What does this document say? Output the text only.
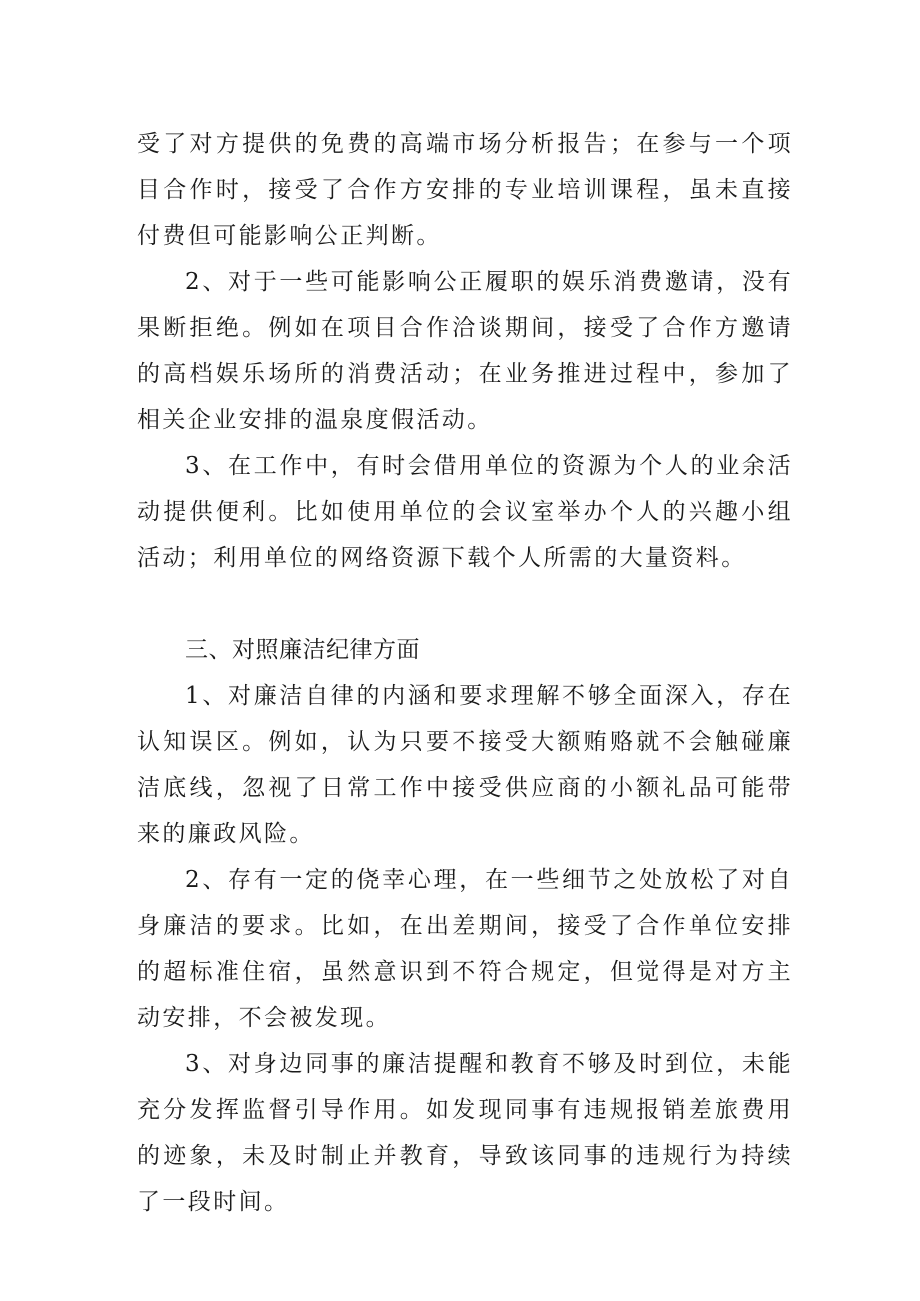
受了对方提供的免费的高端市场分析报告；在参与一个项目合作时，接受了合作方安排的专业培训课程，虽未直接付费但可能影响公正判断。

2、对于一些可能影响公正履职的娱乐消费邀请，没有果断拒绝。例如在项目合作洽谈期间，接受了合作方邀请的高档娱乐场所的消费活动；在业务推进过程中，参加了相关企业安排的温泉度假活动。

3、在工作中，有时会借用单位的资源为个人的业余活动提供便利。比如使用单位的会议室举办个人的兴趣小组活动；利用单位的网络资源下载个人所需的大量资料。

三、对照廉洁纪律方面

1、对廉洁自律的内涵和要求理解不够全面深入，存在认知误区。例如，认为只要不接受大额贿赂就不会触碰廉洁底线，忽视了日常工作中接受供应商的小额礼品可能带来的廉政风险。

2、存有一定的侥幸心理，在一些细节之处放松了对自身廉洁的要求。比如，在出差期间，接受了合作单位安排的超标准住宿，虽然意识到不符合规定，但觉得是对方主动安排，不会被发现。

3、对身边同事的廉洁提醒和教育不够及时到位，未能充分发挥监督引导作用。如发现同事有违规报销差旅费用的迹象，未及时制止并教育，导致该同事的违规行为持续了一段时间。
